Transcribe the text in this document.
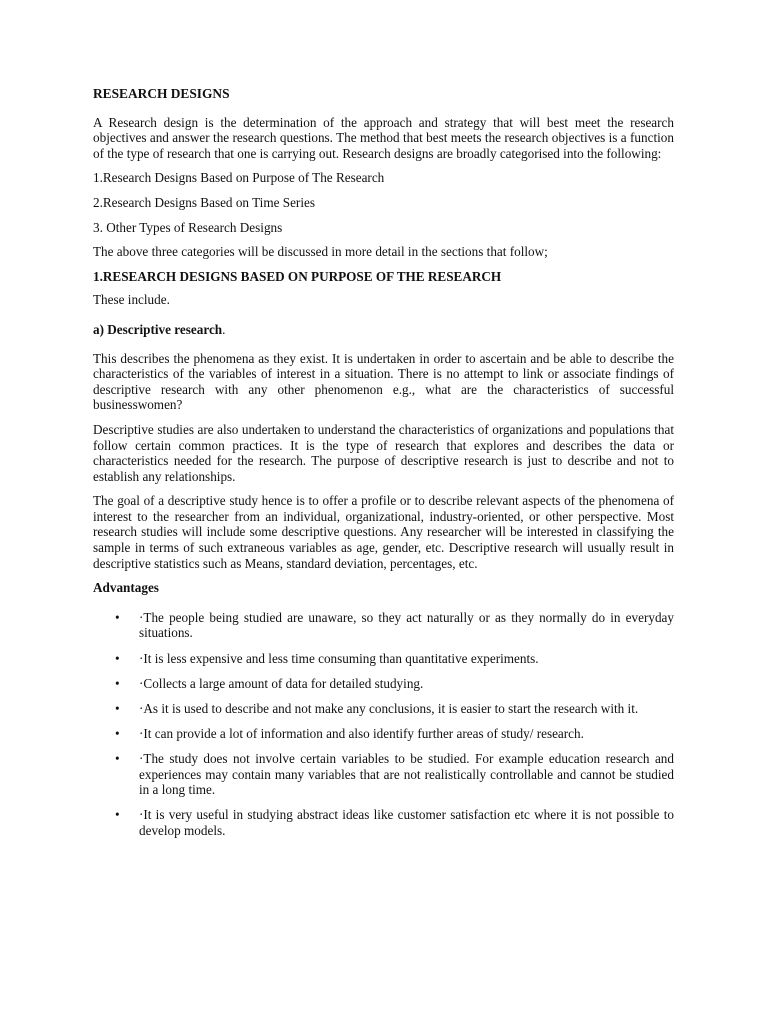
RESEARCH DESIGNS

A Research design is the determination of the approach and strategy that will best meet the research objectives and answer the research questions. The method that best meets the research objectives is a function of the type of research that one is carrying out. Research designs are broadly categorised into the following:

1.Research Designs Based on Purpose of The Research
2.Research Designs Based on Time Series
3. Other Types of Research Designs

The above three categories will be discussed in more detail in the sections that follow;

1.RESEARCH DESIGNS BASED ON PURPOSE OF THE RESEARCH

These include.

a) Descriptive research.

This describes the phenomena as they exist. It is undertaken in order to ascertain and be able to describe the characteristics of the variables of interest in a situation. There is no attempt to link or associate findings of descriptive research with any other phenomenon e.g., what are the characteristics of successful businesswomen?

Descriptive studies are also undertaken to understand the characteristics of organizations and populations that follow certain common practices. It is the type of research that explores and describes the data or characteristics needed for the research. The purpose of descriptive research is just to describe and not to establish any relationships.

The goal of a descriptive study hence is to offer a profile or to describe relevant aspects of the phenomena of interest to the researcher from an individual, organizational, industry-oriented, or other perspective. Most research studies will include some descriptive questions. Any researcher will be interested in classifying the sample in terms of such extraneous variables as age, gender, etc. Descriptive research will usually result in descriptive statistics such as Means, standard deviation, percentages, etc.

Advantages
• ·The people being studied are unaware, so they act naturally or as they normally do in everyday situations.
• ·It is less expensive and less time consuming than quantitative experiments.
• ·Collects a large amount of data for detailed studying.
• ·As it is used to describe and not make any conclusions, it is easier to start the research with it.
• ·It can provide a lot of information and also identify further areas of study/ research.
• ·The study does not involve certain variables to be studied. For example education research and experiences may contain many variables that are not realistically controllable and cannot be studied in a long time.
• ·It is very useful in studying abstract ideas like customer satisfaction etc where it is not possible to develop models.
